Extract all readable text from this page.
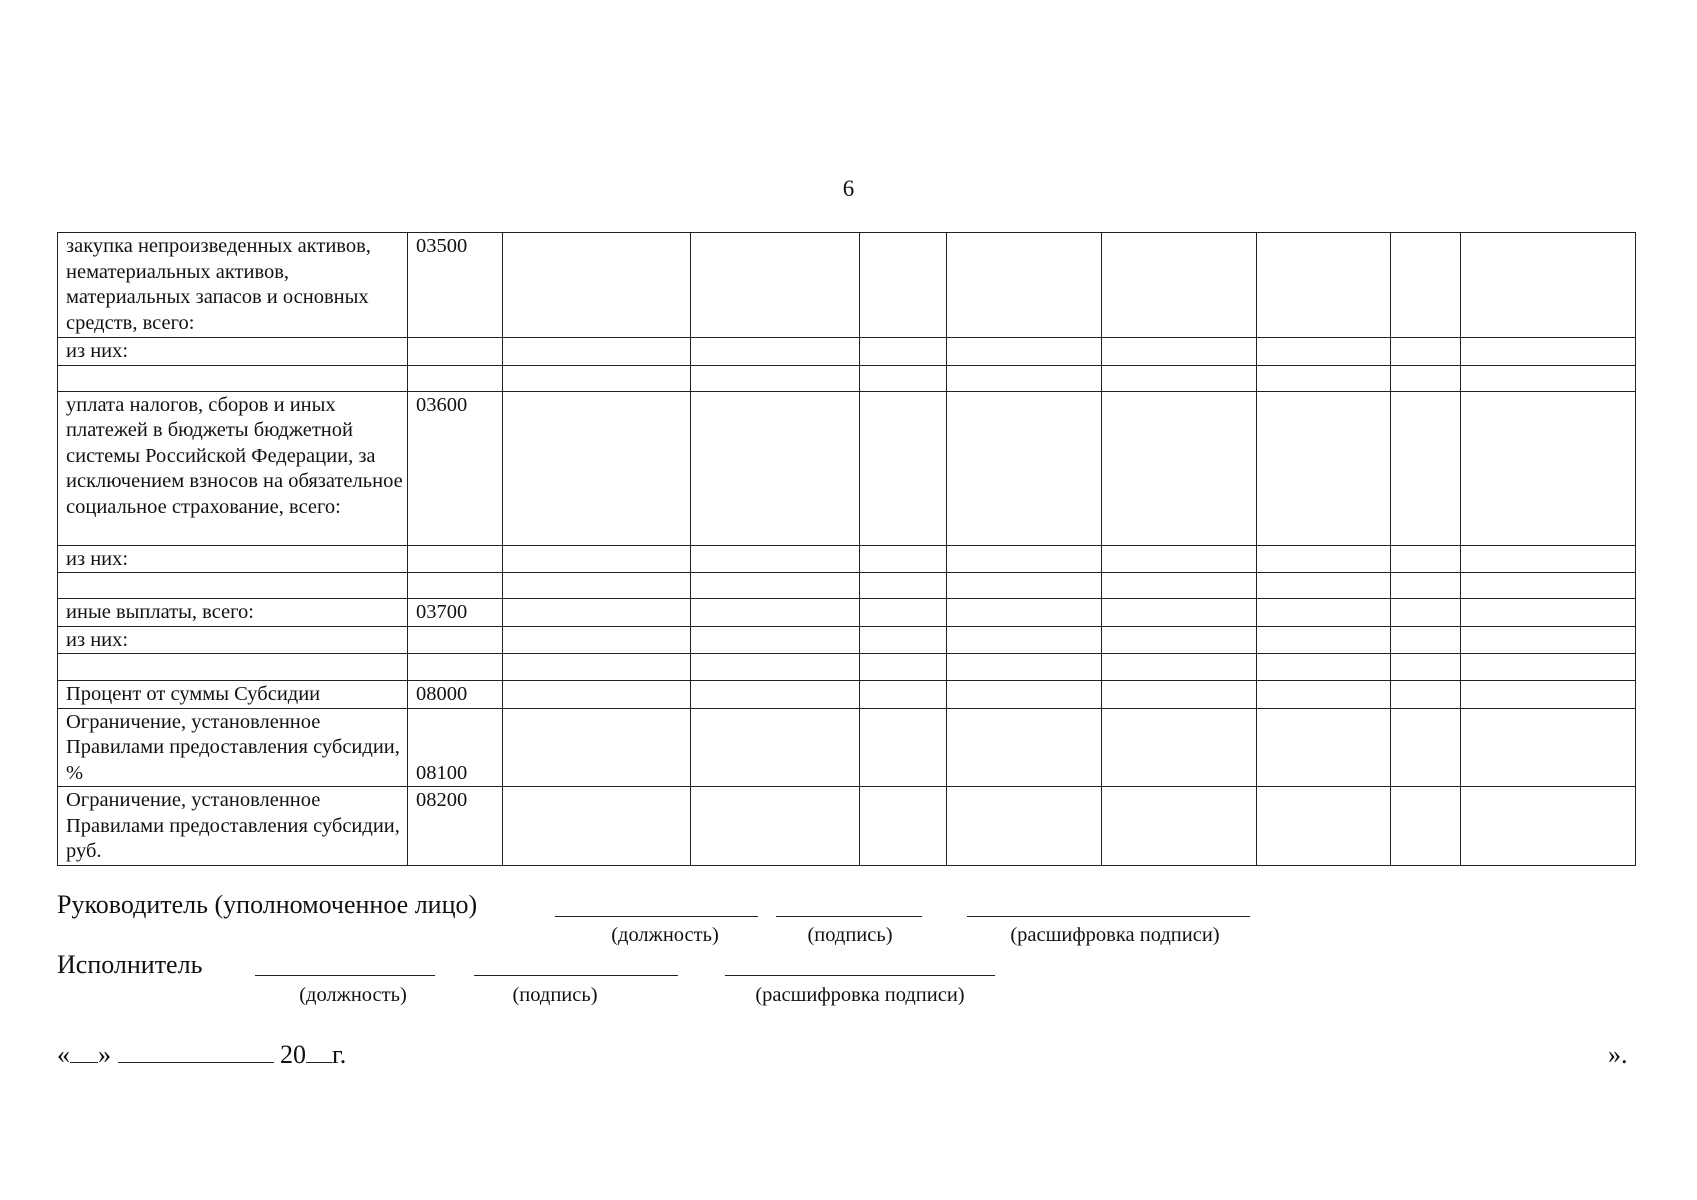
6
закупка непроизведенных активов, нематериальных активов, материальных запасов и основных средств, всего:	03500								
из них:									

уплата налогов, сборов и иных платежей в бюджеты бюджетной системы Российской Федерации, за исключением взносов на обязательное социальное страхование, всего:	03600								
из них:									

иные выплаты, всего:	03700								
из них:									

Процент от суммы Субсидии	08000								
Ограничение, установленное Правилами предоставления субсидии, %	08100								
Ограничение, установленное Правилами предоставления субсидии, руб.	08200								
Руководитель (уполномоченное лицо)
(должность)	(подпись)	(расшифровка подписи)
Исполнитель
(должность)	(подпись)	(расшифровка подписи)
« »	20 г.	».
